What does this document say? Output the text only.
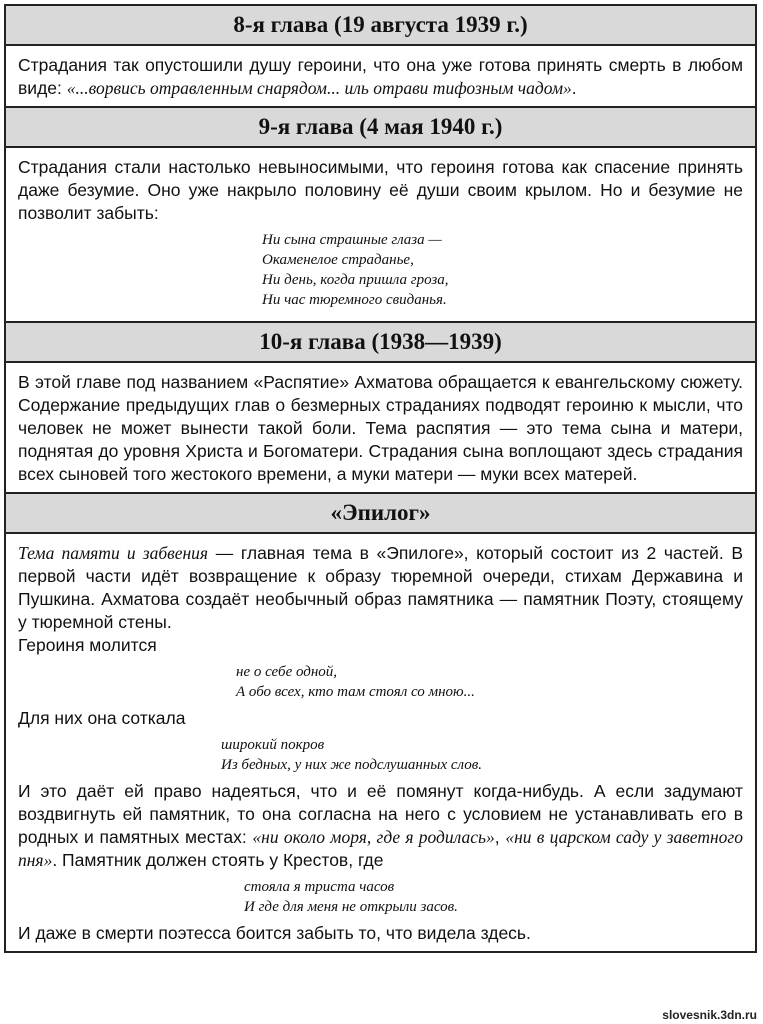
8-я глава (19 августа 1939 г.)
Страдания так опустошили душу героини, что она уже готова принять смерть в любом виде: «...ворвись отравленным снарядом... иль отрави тифозным чадом».
9-я глава (4 мая 1940 г.)
Страдания стали настолько невыносимыми, что героиня готова как спасение принять даже безумие. Оно уже накрыло половину её души своим крылом. Но и безумие не позволит забыть:
Ни сына страшные глаза —
Окаменелое страданье,
Ни день, когда пришла гроза,
Ни час тюремного свиданья.
10-я глава (1938—1939)
В этой главе под названием «Распятие» Ахматова обращается к евангельскому сюжету. Содержание предыдущих глав о безмерных страданиях подводят героиню к мысли, что человек не может вынести такой боли. Тема распятия — это тема сына и матери, поднятая до уровня Христа и Богоматери. Страдания сына воплощают здесь страдания всех сыновей того жестокого времени, а муки матери — муки всех матерей.
«Эпилог»
Тема памяти и забвения — главная тема в «Эпилоге», который состоит из 2 частей. В первой части идёт возвращение к образу тюремной очереди, стихам Державина и Пушкина. Ахматова создаёт необычный образ памятника — памятник Поэту, стоящему у тюремной стены.
Героиня молится
не о себе одной,
А обо всех, кто там стоял со мною...
Для них она соткала
широкий покров
Из бедных, у них же подслушанных слов.
И это даёт ей право надеяться, что и её помянут когда-нибудь. А если задумают воздвигнуть ей памятник, то она согласна на него с условием не устанавливать его в родных и памятных местах: «ни около моря, где я родилась», «ни в царском саду у заветного пня». Памятник должен стоять у Крестов, где
стояла я триста часов
И где для меня не открыли засов.
И даже в смерти поэтесса боится забыть то, что видела здесь.
slovesnik.3dn.ru
